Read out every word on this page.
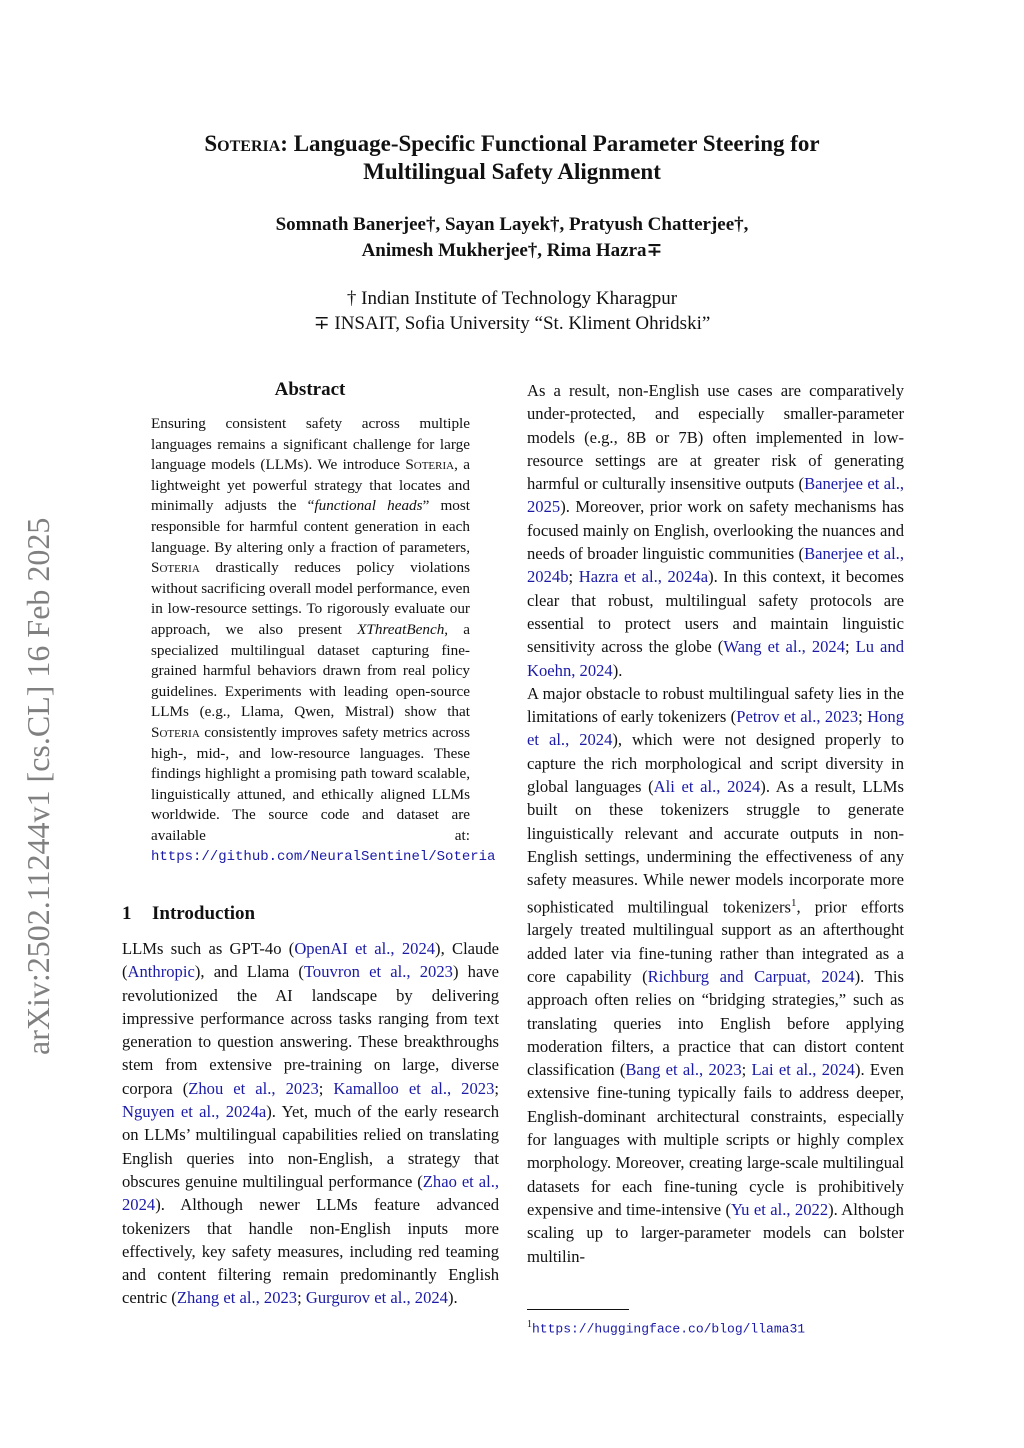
arXiv:2502.11244v1 [cs.CL] 16 Feb 2025
Soteria: Language-Specific Functional Parameter Steering for Multilingual Safety Alignment
Somnath Banerjee†, Sayan Layek†, Pratyush Chatterjee†,
Animesh Mukherjee†, Rima Hazra∓
† Indian Institute of Technology Kharagpur
∓ INSAIT, Sofia University “St. Kliment Ohridski”
Abstract
Ensuring consistent safety across multiple languages remains a significant challenge for large language models (LLMs). We introduce Soteria, a lightweight yet powerful strategy that locates and minimally adjusts the “functional heads” most responsible for harmful content generation in each language. By altering only a fraction of parameters, Soteria drastically reduces policy violations without sacrificing overall model performance, even in low-resource settings. To rigorously evaluate our approach, we also present XThreatBench, a specialized multilingual dataset capturing fine-grained harmful behaviors drawn from real policy guidelines. Experiments with leading open-source LLMs (e.g., Llama, Qwen, Mistral) show that Soteria consistently improves safety metrics across high-, mid-, and low-resource languages. These findings highlight a promising path toward scalable, linguistically attuned, and ethically aligned LLMs worldwide. The source code and dataset are available at: https://github.com/NeuralSentinel/Soteria
1 Introduction

LLMs such as GPT-4o (OpenAI et al., 2024), Claude (Anthropic), and Llama (Touvron et al., 2023) have revolutionized the AI landscape by delivering impressive performance across tasks ranging from text generation to question answering. These breakthroughs stem from extensive pre-training on large, diverse corpora (Zhou et al., 2023; Kamalloo et al., 2023; Nguyen et al., 2024a). Yet, much of the early research on LLMs’ multilingual capabilities relied on translating English queries into non-English, a strategy that obscures genuine multilingual performance (Zhao et al., 2024). Although newer LLMs feature advanced tokenizers that handle non-English inputs more effectively, key safety measures, including red teaming and content filtering remain predominantly English centric (Zhang et al., 2023; Gurgurov et al., 2024).

As a result, non-English use cases are comparatively under-protected, and especially smaller-parameter models (e.g., 8B or 7B) often implemented in low-resource settings are at greater risk of generating harmful or culturally insensitive outputs (Banerjee et al., 2025). Moreover, prior work on safety mechanisms has focused mainly on English, overlooking the nuances and needs of broader linguistic communities (Banerjee et al., 2024b; Hazra et al., 2024a). In this context, it becomes clear that robust, multilingual safety protocols are essential to protect users and maintain linguistic sensitivity across the globe (Wang et al., 2024; Lu and Koehn, 2024).

A major obstacle to robust multilingual safety lies in the limitations of early tokenizers (Petrov et al., 2023; Hong et al., 2024), which were not designed properly to capture the rich morphological and script diversity in global languages (Ali et al., 2024). As a result, LLMs built on these tokenizers struggle to generate linguistically relevant and accurate outputs in non-English settings, undermining the effectiveness of any safety measures. While newer models incorporate more sophisticated multilingual tokenizers$^1$, prior efforts largely treated multilingual support as an afterthought added later via fine-tuning rather than integrated as a core capability (Richburg and Carpuat, 2024). This approach often relies on “bridging strategies,” such as translating queries into English before applying moderation filters, a practice that can distort content classification (Bang et al., 2023; Lai et al., 2024). Even extensive fine-tuning typically fails to address deeper, English-dominant architectural constraints, especially for languages with multiple scripts or highly complex morphology. Moreover, creating large-scale multilingual datasets for each fine-tuning cycle is prohibitively expensive and time-intensive (Yu et al., 2022). Although scaling up to larger-parameter models can bolster multilin-

$^1$https://huggingface.co/blog/llama31
